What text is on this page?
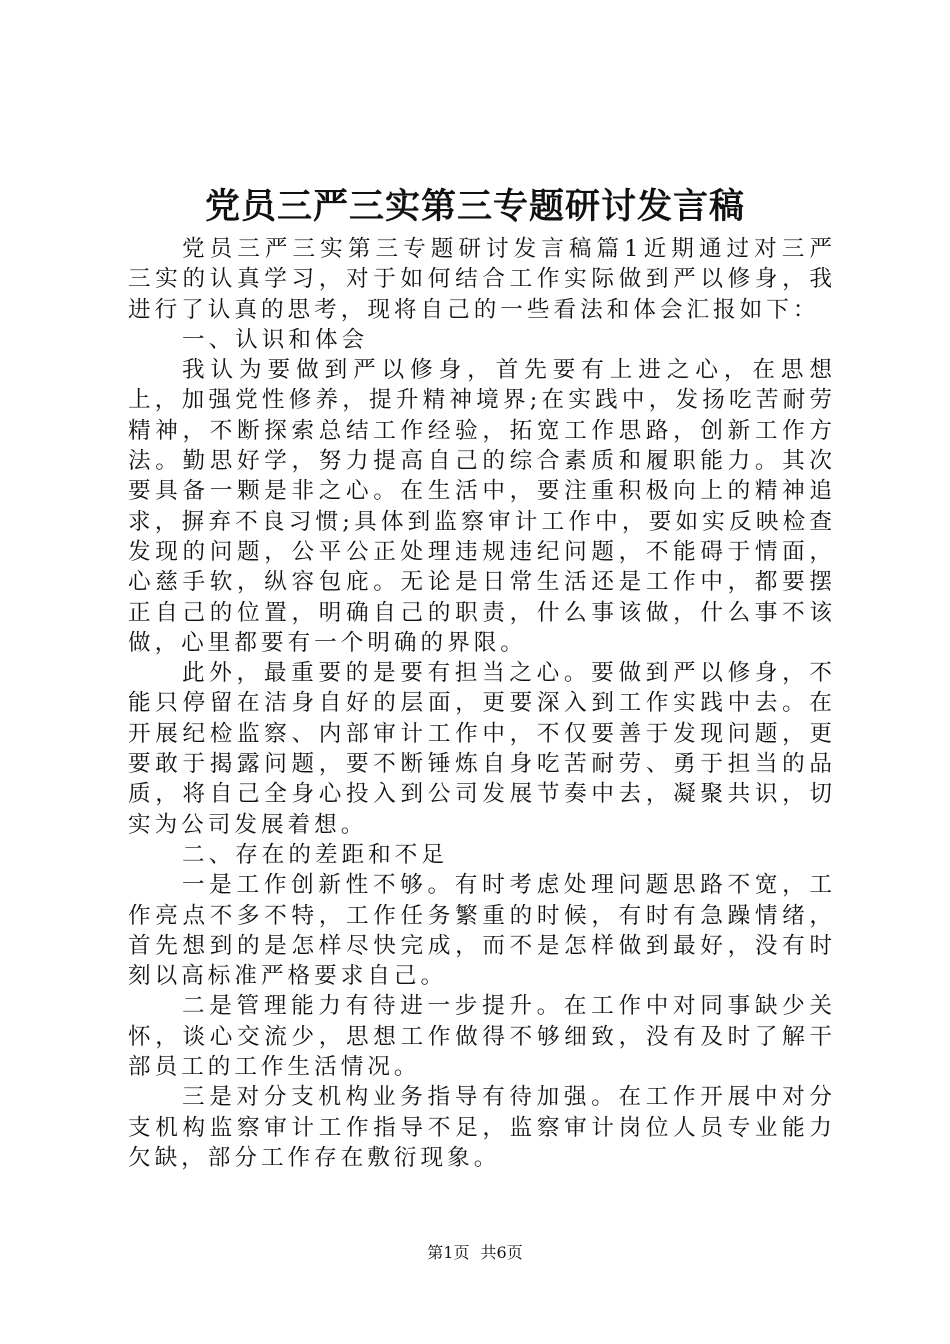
党员三严三实第三专题研讨发言稿

党员三严三实第三专题研讨发言稿篇1近期通过对三严三实的认真学习，对于如何结合工作实际做到严以修身，我进行了认真的思考，现将自己的一些看法和体会汇报如下：

一、认识和体会

我认为要做到严以修身，首先要有上进之心，在思想上，加强党性修养，提升精神境界;在实践中，发扬吃苦耐劳精神，不断探索总结工作经验，拓宽工作思路，创新工作方法。勤思好学，努力提高自己的综合素质和履职能力。其次要具备一颗是非之心。在生活中，要注重积极向上的精神追求，摒弃不良习惯;具体到监察审计工作中，要如实反映检查发现的问题，公平公正处理违规违纪问题，不能碍于情面，心慈手软，纵容包庇。无论是日常生活还是工作中，都要摆正自己的位置，明确自己的职责，什么事该做，什么事不该做，心里都要有一个明确的界限。

此外，最重要的是要有担当之心。要做到严以修身，不能只停留在洁身自好的层面，更要深入到工作实践中去。在开展纪检监察、内部审计工作中，不仅要善于发现问题，更要敢于揭露问题，要不断锤炼自身吃苦耐劳、勇于担当的品质，将自己全身心投入到公司发展节奏中去，凝聚共识，切实为公司发展着想。

二、存在的差距和不足

一是工作创新性不够。有时考虑处理问题思路不宽，工作亮点不多不特，工作任务繁重的时候，有时有急躁情绪，首先想到的是怎样尽快完成，而不是怎样做到最好，没有时刻以高标准严格要求自己。

二是管理能力有待进一步提升。在工作中对同事缺少关怀，谈心交流少，思想工作做得不够细致，没有及时了解干部员工的工作生活情况。

三是对分支机构业务指导有待加强。在工作开展中对分支机构监察审计工作指导不足，监察审计岗位人员专业能力欠缺，部分工作存在敷衍现象。

第1页 共6页
